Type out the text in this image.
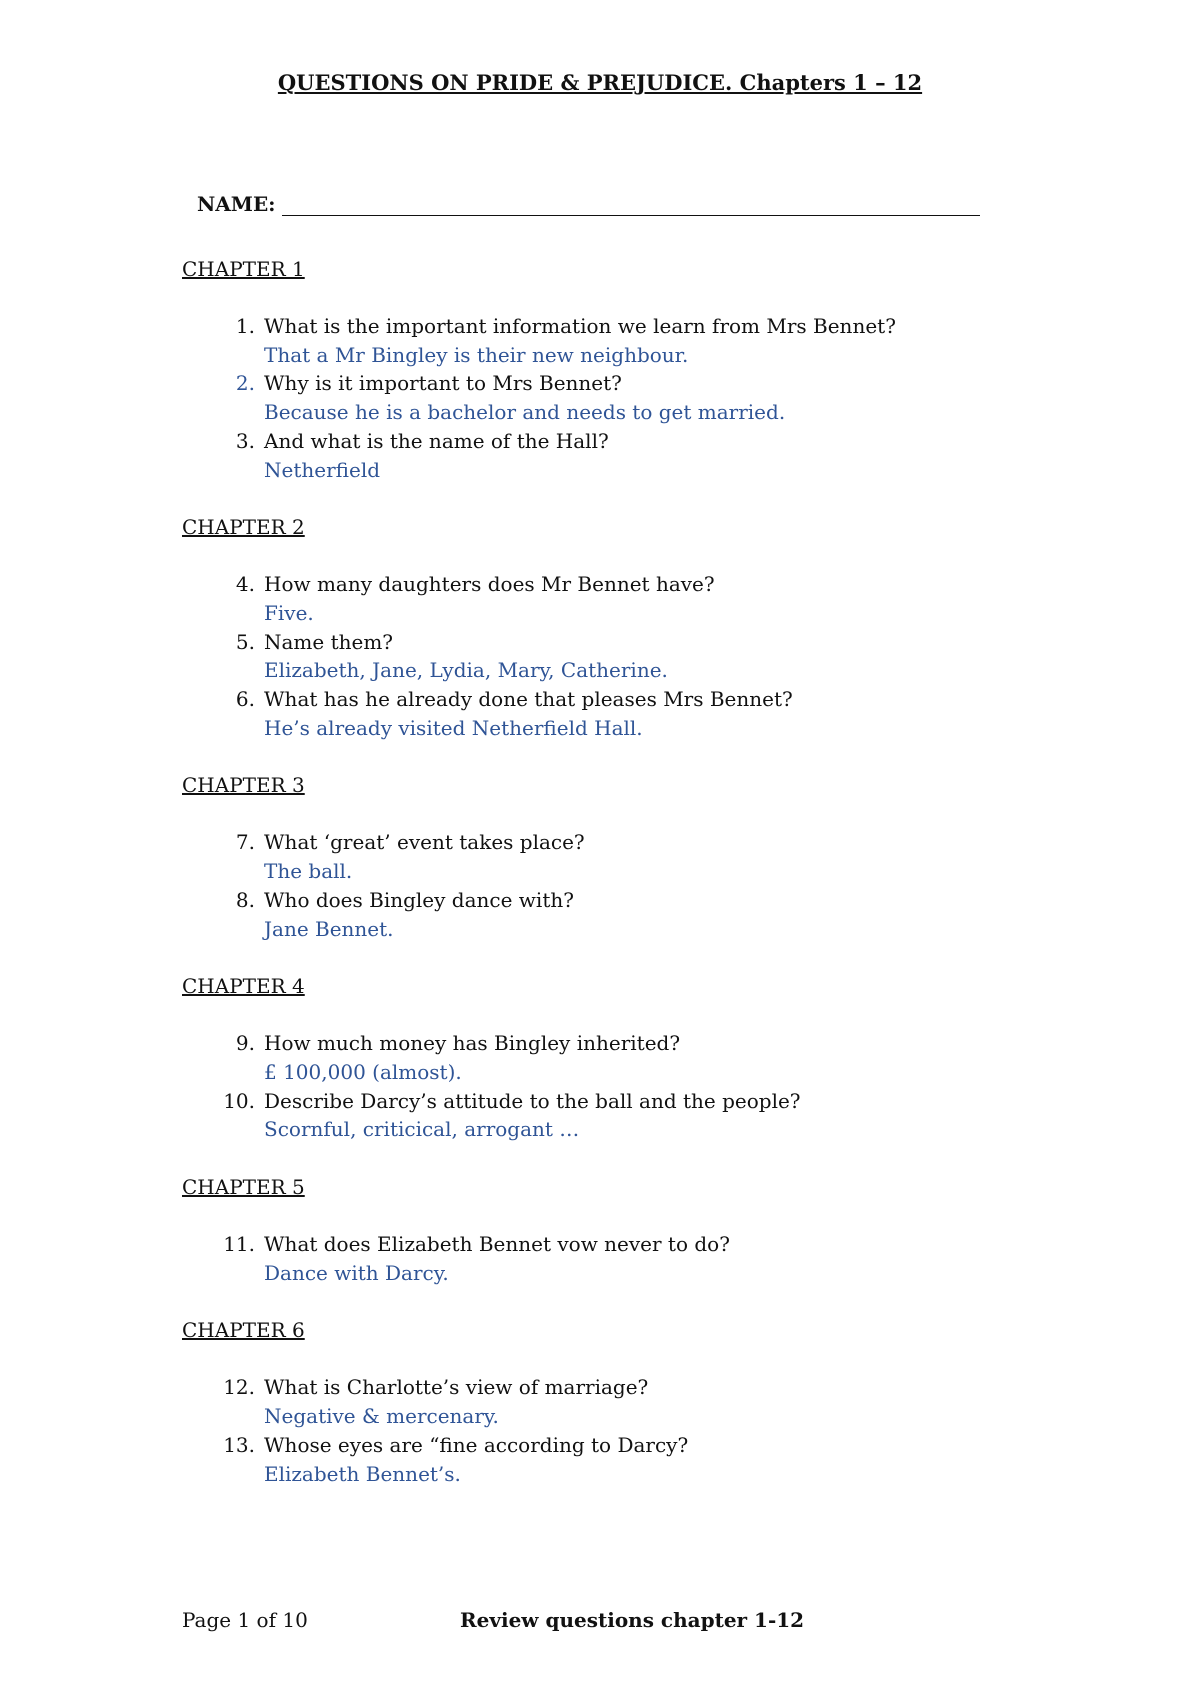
QUESTIONS ON PRIDE & PREJUDICE. Chapters 1 – 12
NAME:
CHAPTER 1
1. What is the important information we learn from Mrs Bennet?
That a Mr Bingley is their new neighbour.
2. Why is it important to Mrs Bennet?
Because he is a bachelor and needs to get married.
3. And what is the name of the Hall?
Netherfield
CHAPTER 2
4. How many daughters does Mr Bennet have?
Five.
5. Name them?
Elizabeth, Jane, Lydia, Mary, Catherine.
6. What has he already done that pleases Mrs Bennet?
He’s already visited Netherfield Hall.
CHAPTER 3
7. What ‘great’ event takes place?
The ball.
8. Who does Bingley dance with?
Jane Bennet.
CHAPTER 4
9. How much money has Bingley inherited?
£ 100,000 (almost).
10. Describe Darcy’s attitude to the ball and the people?
Scornful, criticical, arrogant …
CHAPTER 5
11. What does Elizabeth Bennet vow never to do?
Dance with Darcy.
CHAPTER 6
12. What is Charlotte’s view of marriage?
Negative & mercenary.
13. Whose eyes are “fine according to Darcy?
Elizabeth Bennet’s.
Page 1 of 10	Review questions chapter 1-12
